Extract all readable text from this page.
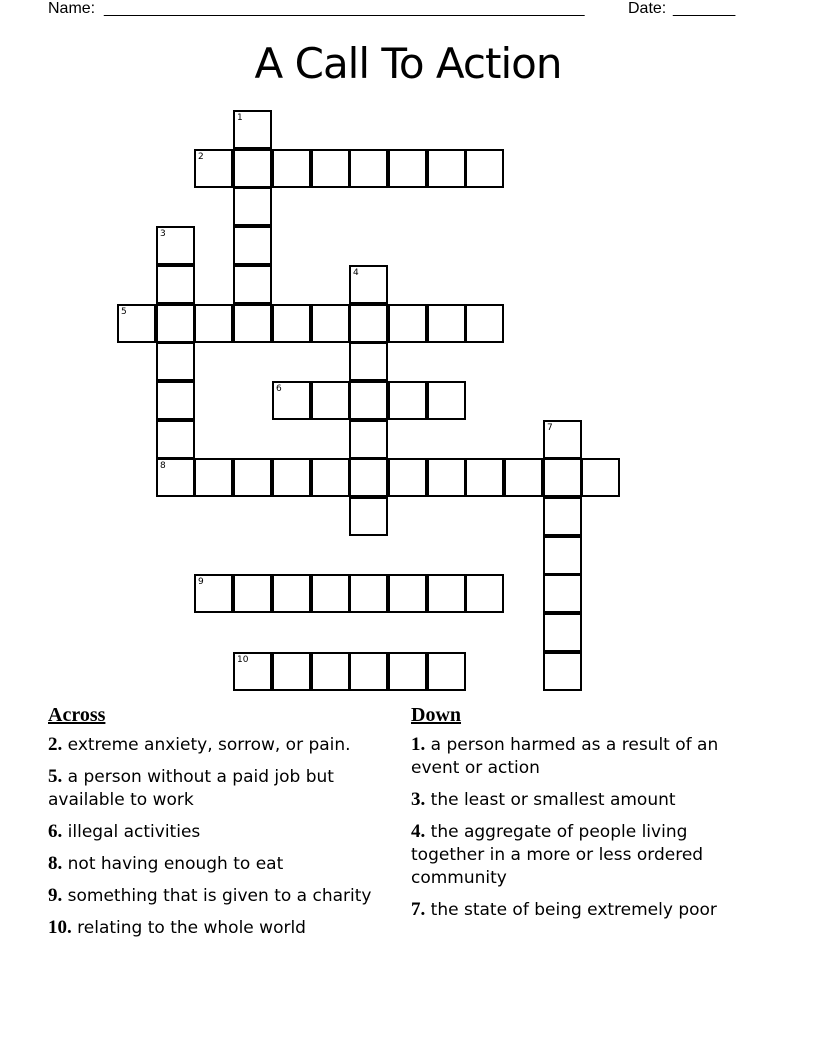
Name: ______________________________________________________	Date: _______
A Call To Action
1
2
3
8
4
5
6
7
9
10
Across
2. extreme anxiety, sorrow, or pain.
5. a person without a paid job but available to work
6. illegal activities
8. not having enough to eat
9. something that is given to a charity
10. relating to the whole world
Down
1. a person harmed as a result of an event or action
3. the least or smallest amount
4. the aggregate of people living together in a more or less ordered community
7. the state of being extremely poor
